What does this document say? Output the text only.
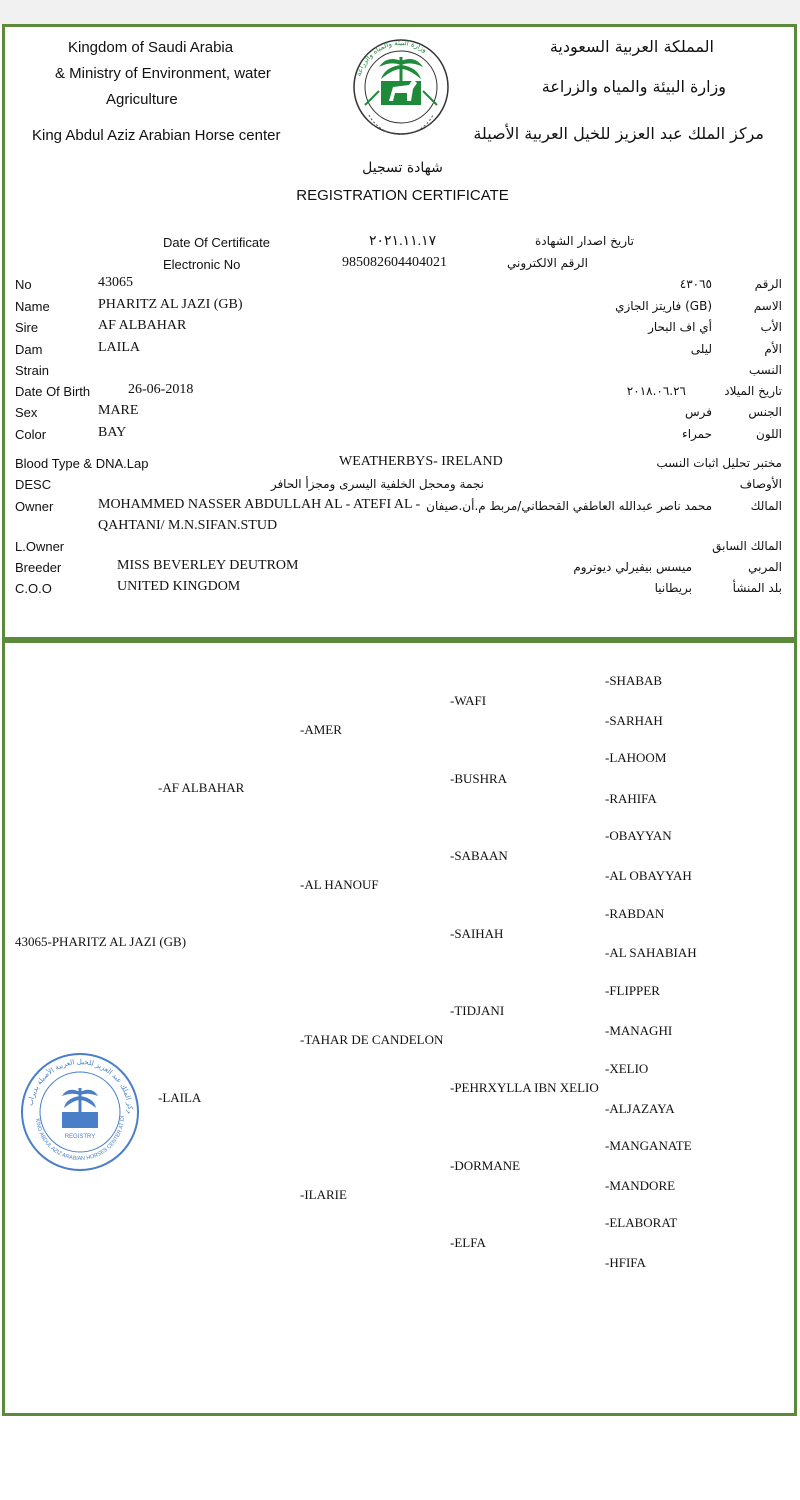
Kingdom of Saudi Arabia
& Ministry of Environment, water
Agriculture
King Abdul Aziz Arabian Horse center
المملكة العربية السعودية
وزارة البيئة والمياه والزراعة
مركز الملك عبد العزيز للخيل العربية الأصيلة
وزارة البيئة والمياه والزراعة
شهادة تسجيل
REGISTRATION CERTIFICATE
Date Of Certificate	٢٠٢١.١١.١٧	تاريخ اصدار الشهادة
Electronic No	985082604404021	الرقم الالكتروني
No	43065	٤٣٠٦٥	الرقم
Name	PHARITZ AL JAZI (GB)	(GB) فاريتز الجازي	الاسم
Sire	AF ALBAHAR	أي اف البحار	الأب
Dam	LAILA	ليلى	الأم
Strain	النسب
Date Of Birth	26-06-2018	٢٠١٨.٠٦.٢٦	تاريخ الميلاد
Sex	MARE	فرس	الجنس
Color	BAY	حمراء	اللون
Blood Type & DNA.Lap	WEATHERBYS- IRELAND	مختبر تحليل اثبات النسب
DESC	نجمة ومحجل الخلفية اليسرى ومجزأ الحافر	الأوصاف
Owner	MOHAMMED NASSER ABDULLAH AL - ATEFI AL -
QAHTANI/ M.N.SIFAN.STUD
محمد ناصر عبدالله العاطفي القحطاني/مربط م.أن.صيفان	المالك
L.Owner	المالك السابق
Breeder	MISS BEVERLEY DEUTROM	ميسس بيفيرلي ديوتروم	المربي
C.O.O	UNITED KINGDOM	بريطانيا	بلد المنشأ
43065-PHARITZ AL JAZI (GB)
-AF ALBAHAR
-LAILA
-AMER
-AL HANOUF
-TAHAR DE CANDELON
-ILARIE
-WAFI
-BUSHRA
-SABAAN
-SAIHAH
-TIDJANI
-PEHRXYLLA IBN XELIO
-DORMANE
-ELFA
-SHABAB
-SARHAH
-LAHOOM
-RAHIFA
-OBAYYAN
-AL OBAYYAH
-RABDAN
-AL SAHABIAH
-FLIPPER
-MANAGHI
-XELIO
-ALJAZAYA
-MANGANATE
-MANDORE
-ELABORAT
-HFIFA
ركز الملك عبد العزيز للخيل العربية الأصيلة بديراب
KING ABDUL AZIZ ARABIAN HORSES CENTER AT DI
REGISTRY
